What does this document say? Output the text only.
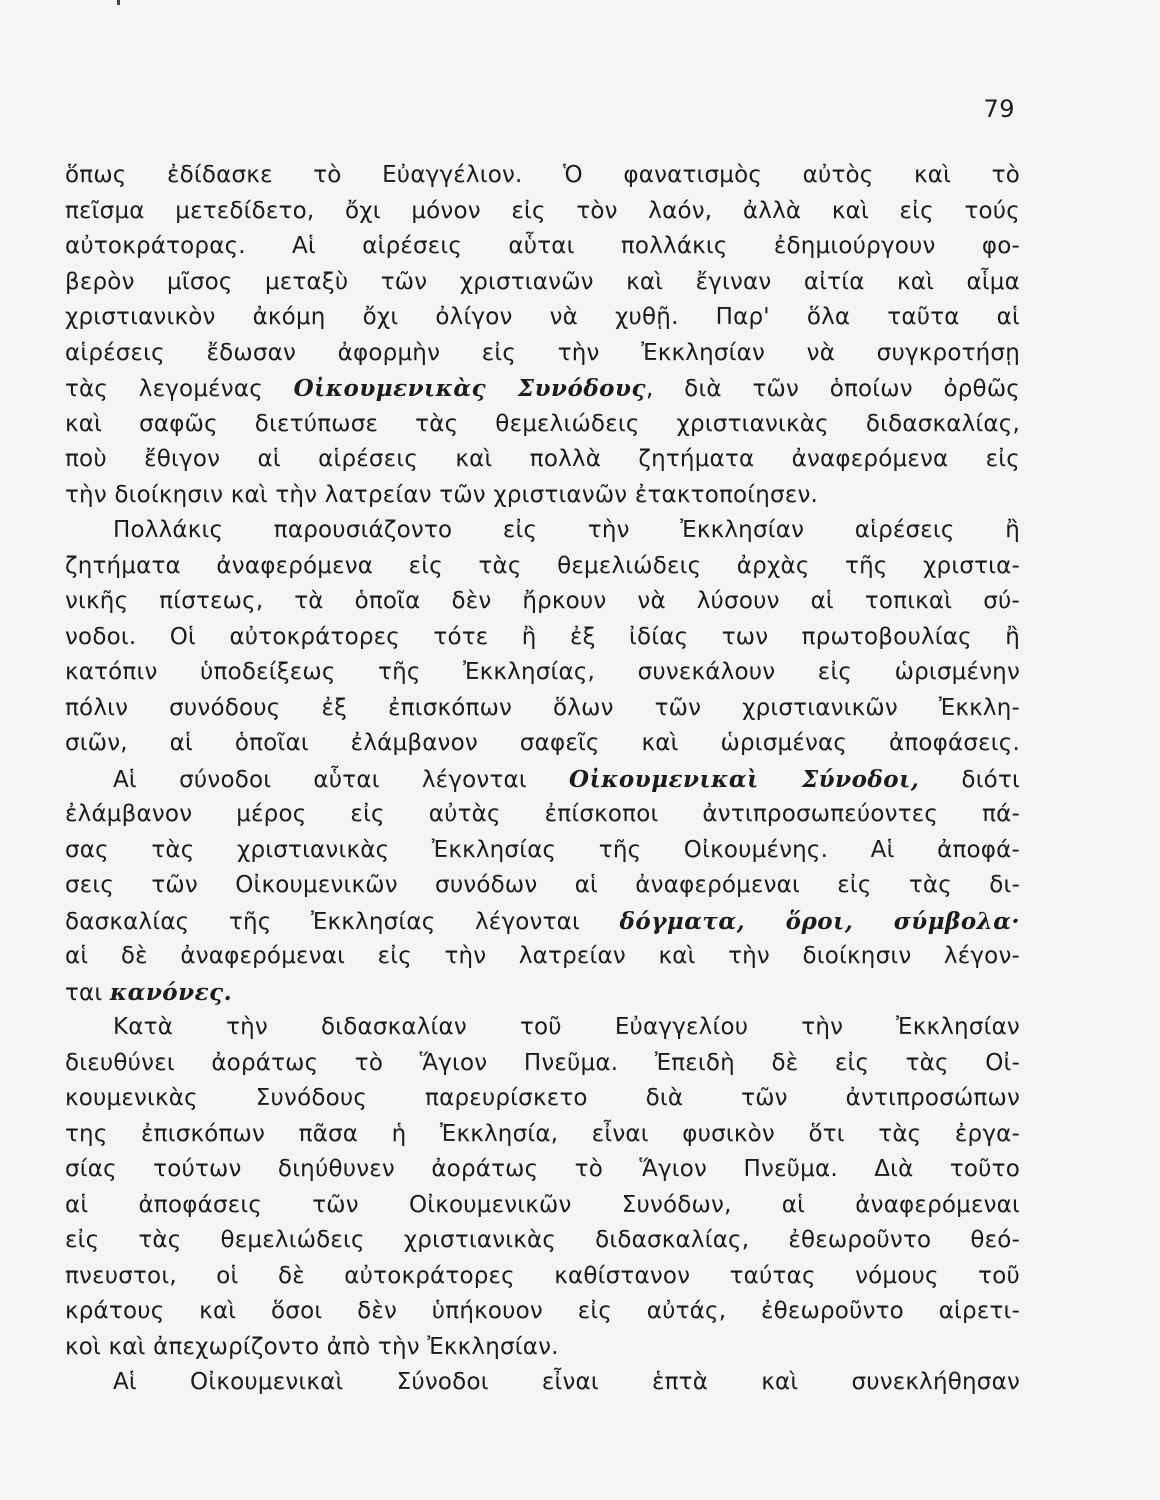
79
ὅπως ἐδίδασκε τὸ Εὐαγγέλιον. Ὁ φανατισμὸς αὐτὸς καὶ τὸ
πεῖσμα μετεδίδετο, ὄχι μόνον εἰς τὸν λαόν, ἀλλὰ καὶ εἰς τούς
αὐτοκράτορας. Αἱ αἱρέσεις αὗται πολλάκις ἐδημιούργουν φο-
βερὸν μῖσος μεταξὺ τῶν χριστιανῶν καὶ ἔγιναν αἰτία καὶ αἷμα
χριστιανικὸν ἀκόμη ὄχι ὀλίγον νὰ χυθῇ. Παρ' ὅλα ταῦτα αἱ
αἱρέσεις ἔδωσαν ἀφορμὴν εἰς τὴν Ἐκκλησίαν νὰ συγκροτήσῃ
τὰς λεγομένας Οἰκουμενικὰς Συνόδους, διὰ τῶν ὁποίων ὀρθῶς
καὶ σαφῶς διετύπωσε τὰς θεμελιώδεις χριστιανικὰς διδασκαλίας,
ποὺ ἔθιγον αἱ αἱρέσεις καὶ πολλὰ ζητήματα ἀναφερόμενα εἰς
τὴν διοίκησιν καὶ τὴν λατρείαν τῶν χριστιανῶν ἐτακτοποίησεν.
Πολλάκις παρουσιάζοντο εἰς τὴν Ἐκκλησίαν αἱρέσεις ἢ
ζητήματα ἀναφερόμενα εἰς τὰς θεμελιώδεις ἀρχὰς τῆς χριστια-
νικῆς πίστεως, τὰ ὁποῖα δὲν ἤρκουν νὰ λύσουν αἱ τοπικαὶ σύ-
νοδοι. Οἱ αὐτοκράτορες τότε ἢ ἐξ ἰδίας των πρωτοβουλίας ἢ
κατόπιν ὑποδείξεως τῆς Ἐκκλησίας, συνεκάλουν εἰς ὡρισμένην
πόλιν συνόδους ἐξ ἐπισκόπων ὅλων τῶν χριστιανικῶν Ἐκκλη-
σιῶν, αἱ ὁποῖαι ἐλάμβανον σαφεῖς καὶ ὡρισμένας ἀποφάσεις.
Αἱ σύνοδοι αὗται λέγονται Οἰκουμενικαὶ Σύνοδοι, διότι
ἐλάμβανον μέρος εἰς αὐτὰς ἐπίσκοποι ἀντιπροσωπεύοντες πά-
σας τὰς χριστιανικὰς Ἐκκλησίας τῆς Οἰκουμένης. Αἱ ἀποφά-
σεις τῶν Οἰκουμενικῶν συνόδων αἱ ἀναφερόμεναι εἰς τὰς δι-
δασκαλίας τῆς Ἐκκλησίας λέγονται δόγματα, ὅροι, σύμβολα·
αἱ δὲ ἀναφερόμεναι εἰς τὴν λατρείαν καὶ τὴν διοίκησιν λέγον-
ται κανόνες.
Κατὰ τὴν διδασκαλίαν τοῦ Εὐαγγελίου τὴν Ἐκκλησίαν
διευθύνει ἀοράτως τὸ Ἅγιον Πνεῦμα. Ἐπειδὴ δὲ εἰς τὰς Οἰ-
κουμενικὰς Συνόδους παρευρίσκετο διὰ τῶν ἀντιπροσώπων
της ἐπισκόπων πᾶσα ἡ Ἐκκλησία, εἶναι φυσικὸν ὅτι τὰς ἐργα-
σίας τούτων διηύθυνεν ἀοράτως τὸ Ἅγιον Πνεῦμα. Διὰ τοῦτο
αἱ ἀποφάσεις τῶν Οἰκουμενικῶν Συνόδων, αἱ ἀναφερόμεναι
εἰς τὰς θεμελιώδεις χριστιανικὰς διδασκαλίας, ἐθεωροῦντο θεό-
πνευστοι, οἱ δὲ αὐτοκράτορες καθίστανον ταύτας νόμους τοῦ
κράτους καὶ ὅσοι δὲν ὑπήκουον εἰς αὐτάς, ἐθεωροῦντο αἱρετι-
κοὶ καὶ ἀπεχωρίζοντο ἀπὸ τὴν Ἐκκλησίαν.
Αἱ Οἰκουμενικαὶ Σύνοδοι εἶναι ἑπτὰ καὶ συνεκλήθησαν
